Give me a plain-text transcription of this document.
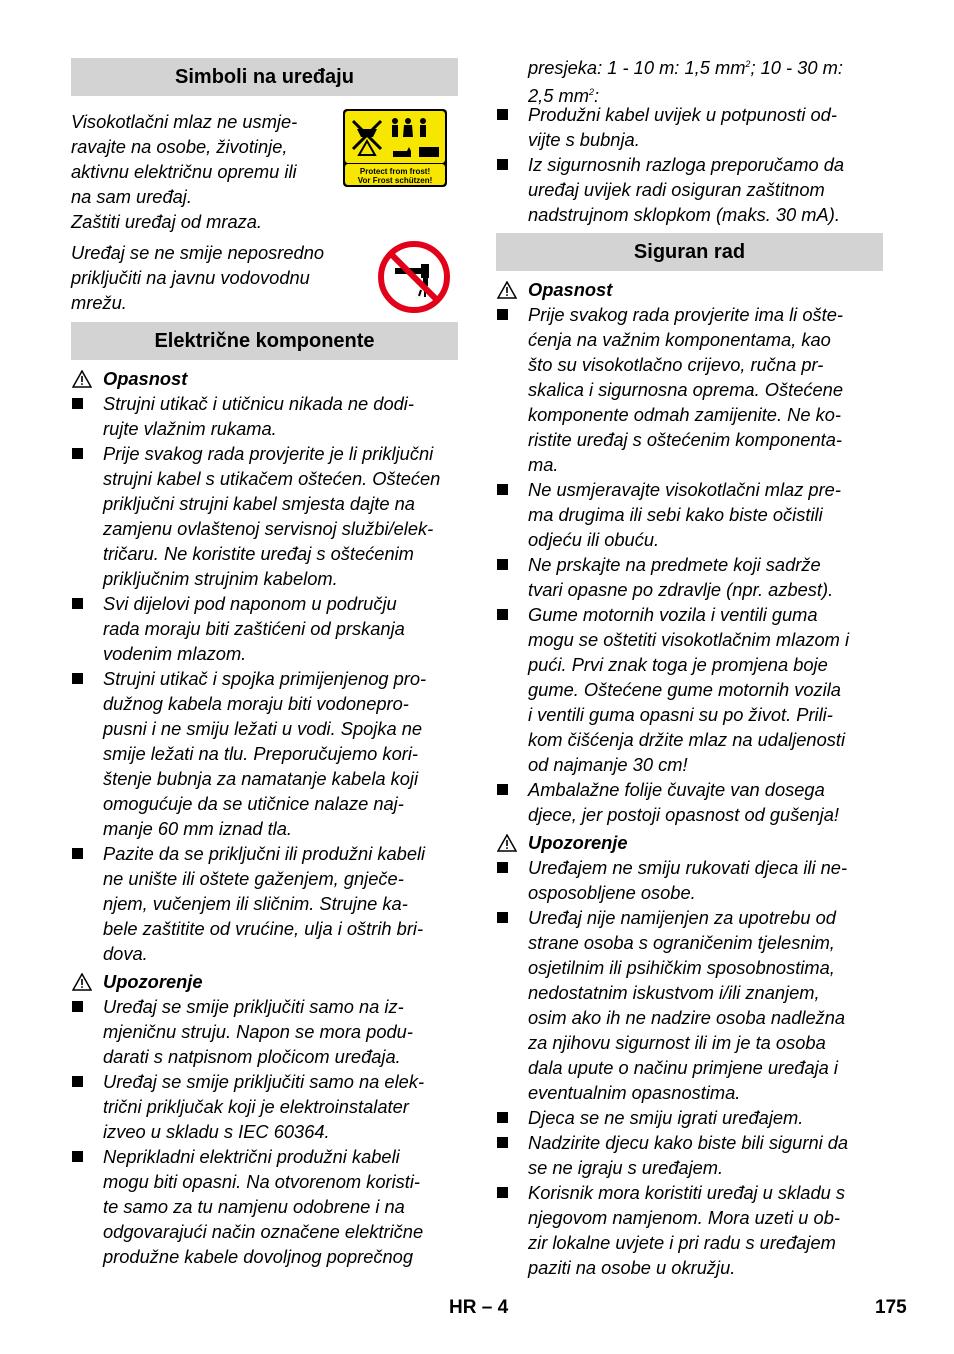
Simboli na uređaju
Visokotlačni mlaz ne usmje-
ravajte na osobe, životinje,
aktivnu električnu opremu ili
na sam uređaj.
Zaštiti uređaj od mraza.
Protect from frost!
Vor Frost schützen!
Uređaj se ne smije neposredno
priključiti na javnu vodovodnu
mrežu.
Električne komponente
Opasnost
Strujni utikač i utičnicu nikada ne dodi-
rujte vlažnim rukama.
Prije svakog rada provjerite je li priključni
strujni kabel s utikačem oštećen. Oštećen
priključni strujni kabel smjesta dajte na
zamjenu ovlaštenoj servisnoj službi/elek-
tričaru. Ne koristite uređaj s oštećenim
priključnim strujnim kabelom.
Svi dijelovi pod naponom u području
rada moraju biti zaštićeni od prskanja
vodenim mlazom.
Strujni utikač i spojka primijenjenog pro-
dužnog kabela moraju biti vodonepro-
pusni i ne smiju ležati u vodi. Spojka ne
smije ležati na tlu. Preporučujemo kori-
štenje bubnja za namatanje kabela koji
omogućuje da se utičnice nalaze naj-
manje 60 mm iznad tla.
Pazite da se priključni ili produžni kabeli
ne unište ili oštete gaženjem, gnječe-
njem, vučenjem ili sličnim. Strujne ka-
bele zaštitite od vrućine, ulja i oštrih bri-
dova.
Upozorenje
Uređaj se smije priključiti samo na iz-
mjeničnu struju. Napon se mora podu-
darati s natpisnom pločicom uređaja.
Uređaj se smije priključiti samo na elek-
trični priključak koji je elektroinstalater
izveo u skladu s IEC 60364.
Neprikladni električni produžni kabeli
mogu biti opasni. Na otvorenom koristi-
te samo za tu namjenu odobrene i na
odgovarajući način označene električne
produžne kabele dovoljnog poprečnog
presjeka: 1 - 10 m: 1,5 $mm^2$; 10 - 30 m:
2,5 $mm^2$:
Produžni kabel uvijek u potpunosti od-
vijte s bubnja.
Iz sigurnosnih razloga preporučamo da
uređaj uvijek radi osiguran zaštitnom
nadstrujnom sklopkom (maks. 30 mA).
Siguran rad
Opasnost
Prije svakog rada provjerite ima li ošte-
ćenja na važnim komponentama, kao
što su visokotlačno crijevo, ručna pr-
skalica i sigurnosna oprema. Oštećene
komponente odmah zamijenite. Ne ko-
ristite uređaj s oštećenim komponenta-
ma.
Ne usmjeravajte visokotlačni mlaz pre-
ma drugima ili sebi kako biste očistili
odjeću ili obuću.
Ne prskajte na predmete koji sadrže
tvari opasne po zdravlje (npr. azbest).
Gume motornih vozila i ventili guma
mogu se oštetiti visokotlačnim mlazom i
pući. Prvi znak toga je promjena boje
gume. Oštećene gume motornih vozila
i ventili guma opasni su po život. Prili-
kom čišćenja držite mlaz na udaljenosti
od najmanje 30 cm!
Ambalažne folije čuvajte van dosega
djece, jer postoji opasnost od gušenja!
Upozorenje
Uređajem ne smiju rukovati djeca ili ne-
osposobljene osobe.
Uređaj nije namijenjen za upotrebu od
strane osoba s ograničenim tjelesnim,
osjetilnim ili psihičkim sposobnostima,
nedostatnim iskustvom i/ili znanjem,
osim ako ih ne nadzire osoba nadležna
za njihovu sigurnost ili im je ta osoba
dala upute o načinu primjene uređaja i
eventualnim opasnostima.
Djeca se ne smiju igrati uređajem.
Nadzirite djecu kako biste bili sigurni da
se ne igraju s uređajem.
Korisnik mora koristiti uređaj u skladu s
njegovom namjenom. Mora uzeti u ob-
zir lokalne uvjete i pri radu s uređajem
paziti na osobe u okružju.
HR – 4	175
